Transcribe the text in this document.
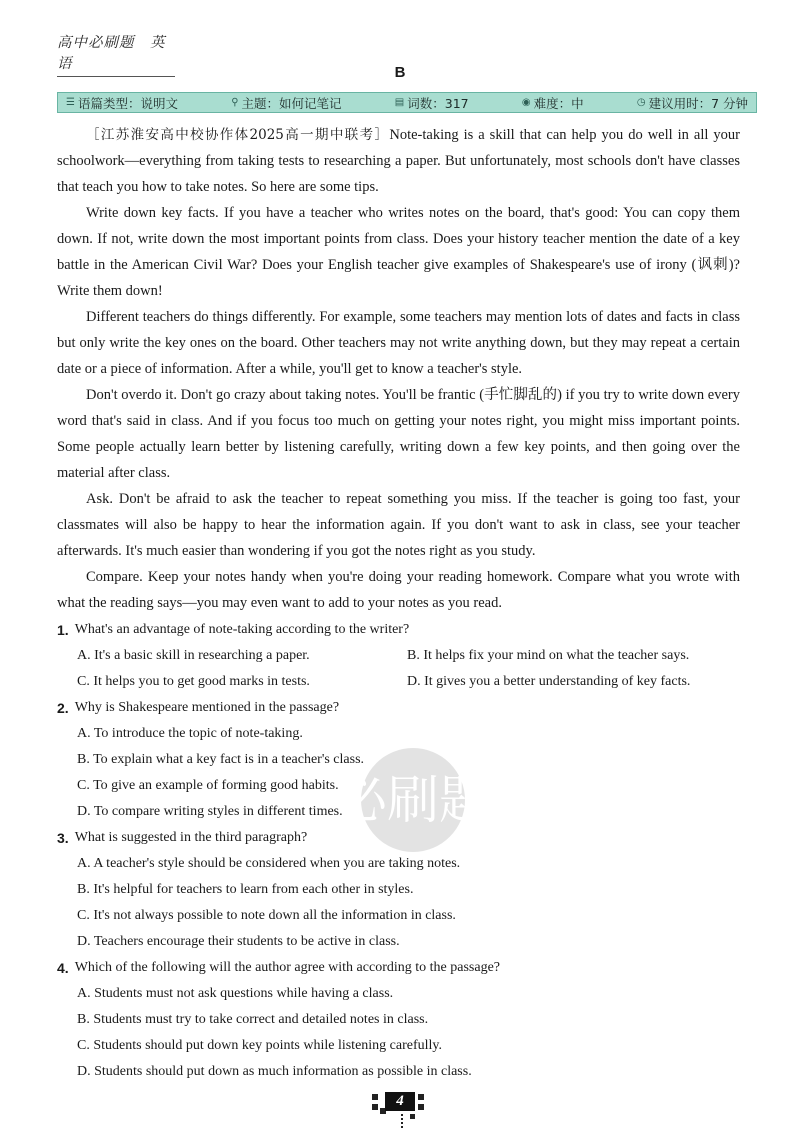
高中必刷题　英语	B
☰ 语篇类型：说明文	⚲ 主题：如何记笔记	▤ 词数：317	◉ 难度：中	◷ 建议用时：7 分钟

［江苏淮安高中校协作体2025高一期中联考］Note-taking is a skill that can help you do well in all your schoolwork—everything from taking tests to researching a paper. But unfortunately, most schools don't have classes that teach you how to take notes. So here are some tips.

Write down key facts. If you have a teacher who writes notes on the board, that's good: You can copy them down. If not, write down the most important points from class. Does your history teacher mention the date of a key battle in the American Civil War? Does your English teacher give examples of Shakespeare's use of irony (讽刺)? Write them down!

Different teachers do things differently. For example, some teachers may mention lots of dates and facts in class but only write the key ones on the board. Other teachers may not write anything down, but they may repeat a certain date or a piece of information. After a while, you'll get to know a teacher's style.

Don't overdo it. Don't go crazy about taking notes. You'll be frantic (手忙脚乱的) if you try to write down every word that's said in class. And if you focus too much on getting your notes right, you might miss important points. Some people actually learn better by listening carefully, writing down a few key points, and then going over the material after class.

Ask. Don't be afraid to ask the teacher to repeat something you miss. If the teacher is going too fast, your classmates will also be happy to hear the information again. If you don't want to ask in class, see your teacher afterwards. It's much easier than wondering if you got the notes right as you study.

Compare. Keep your notes handy when you're doing your reading homework. Compare what you wrote with what the reading says—you may even want to add to your notes as you read.

1. What's an advantage of note-taking according to the writer?
A. It's a basic skill in researching a paper.	B. It helps fix your mind on what the teacher says.
C. It helps you to get good marks in tests.	D. It gives you a better understanding of key facts.
2. Why is Shakespeare mentioned in the passage?
A. To introduce the topic of note-taking.
B. To explain what a key fact is in a teacher's class.
C. To give an example of forming good habits.
D. To compare writing styles in different times.
3. What is suggested in the third paragraph?
A. A teacher's style should be considered when you are taking notes.
B. It's helpful for teachers to learn from each other in styles.
C. It's not always possible to note down all the information in class.
D. Teachers encourage their students to be active in class.
4. Which of the following will the author agree with according to the passage?
A. Students must not ask questions while having a class.
B. Students must try to take correct and detailed notes in class.
C. Students should put down key points while listening carefully.
D. Students should put down as much information as possible in class.
必刷题
4
